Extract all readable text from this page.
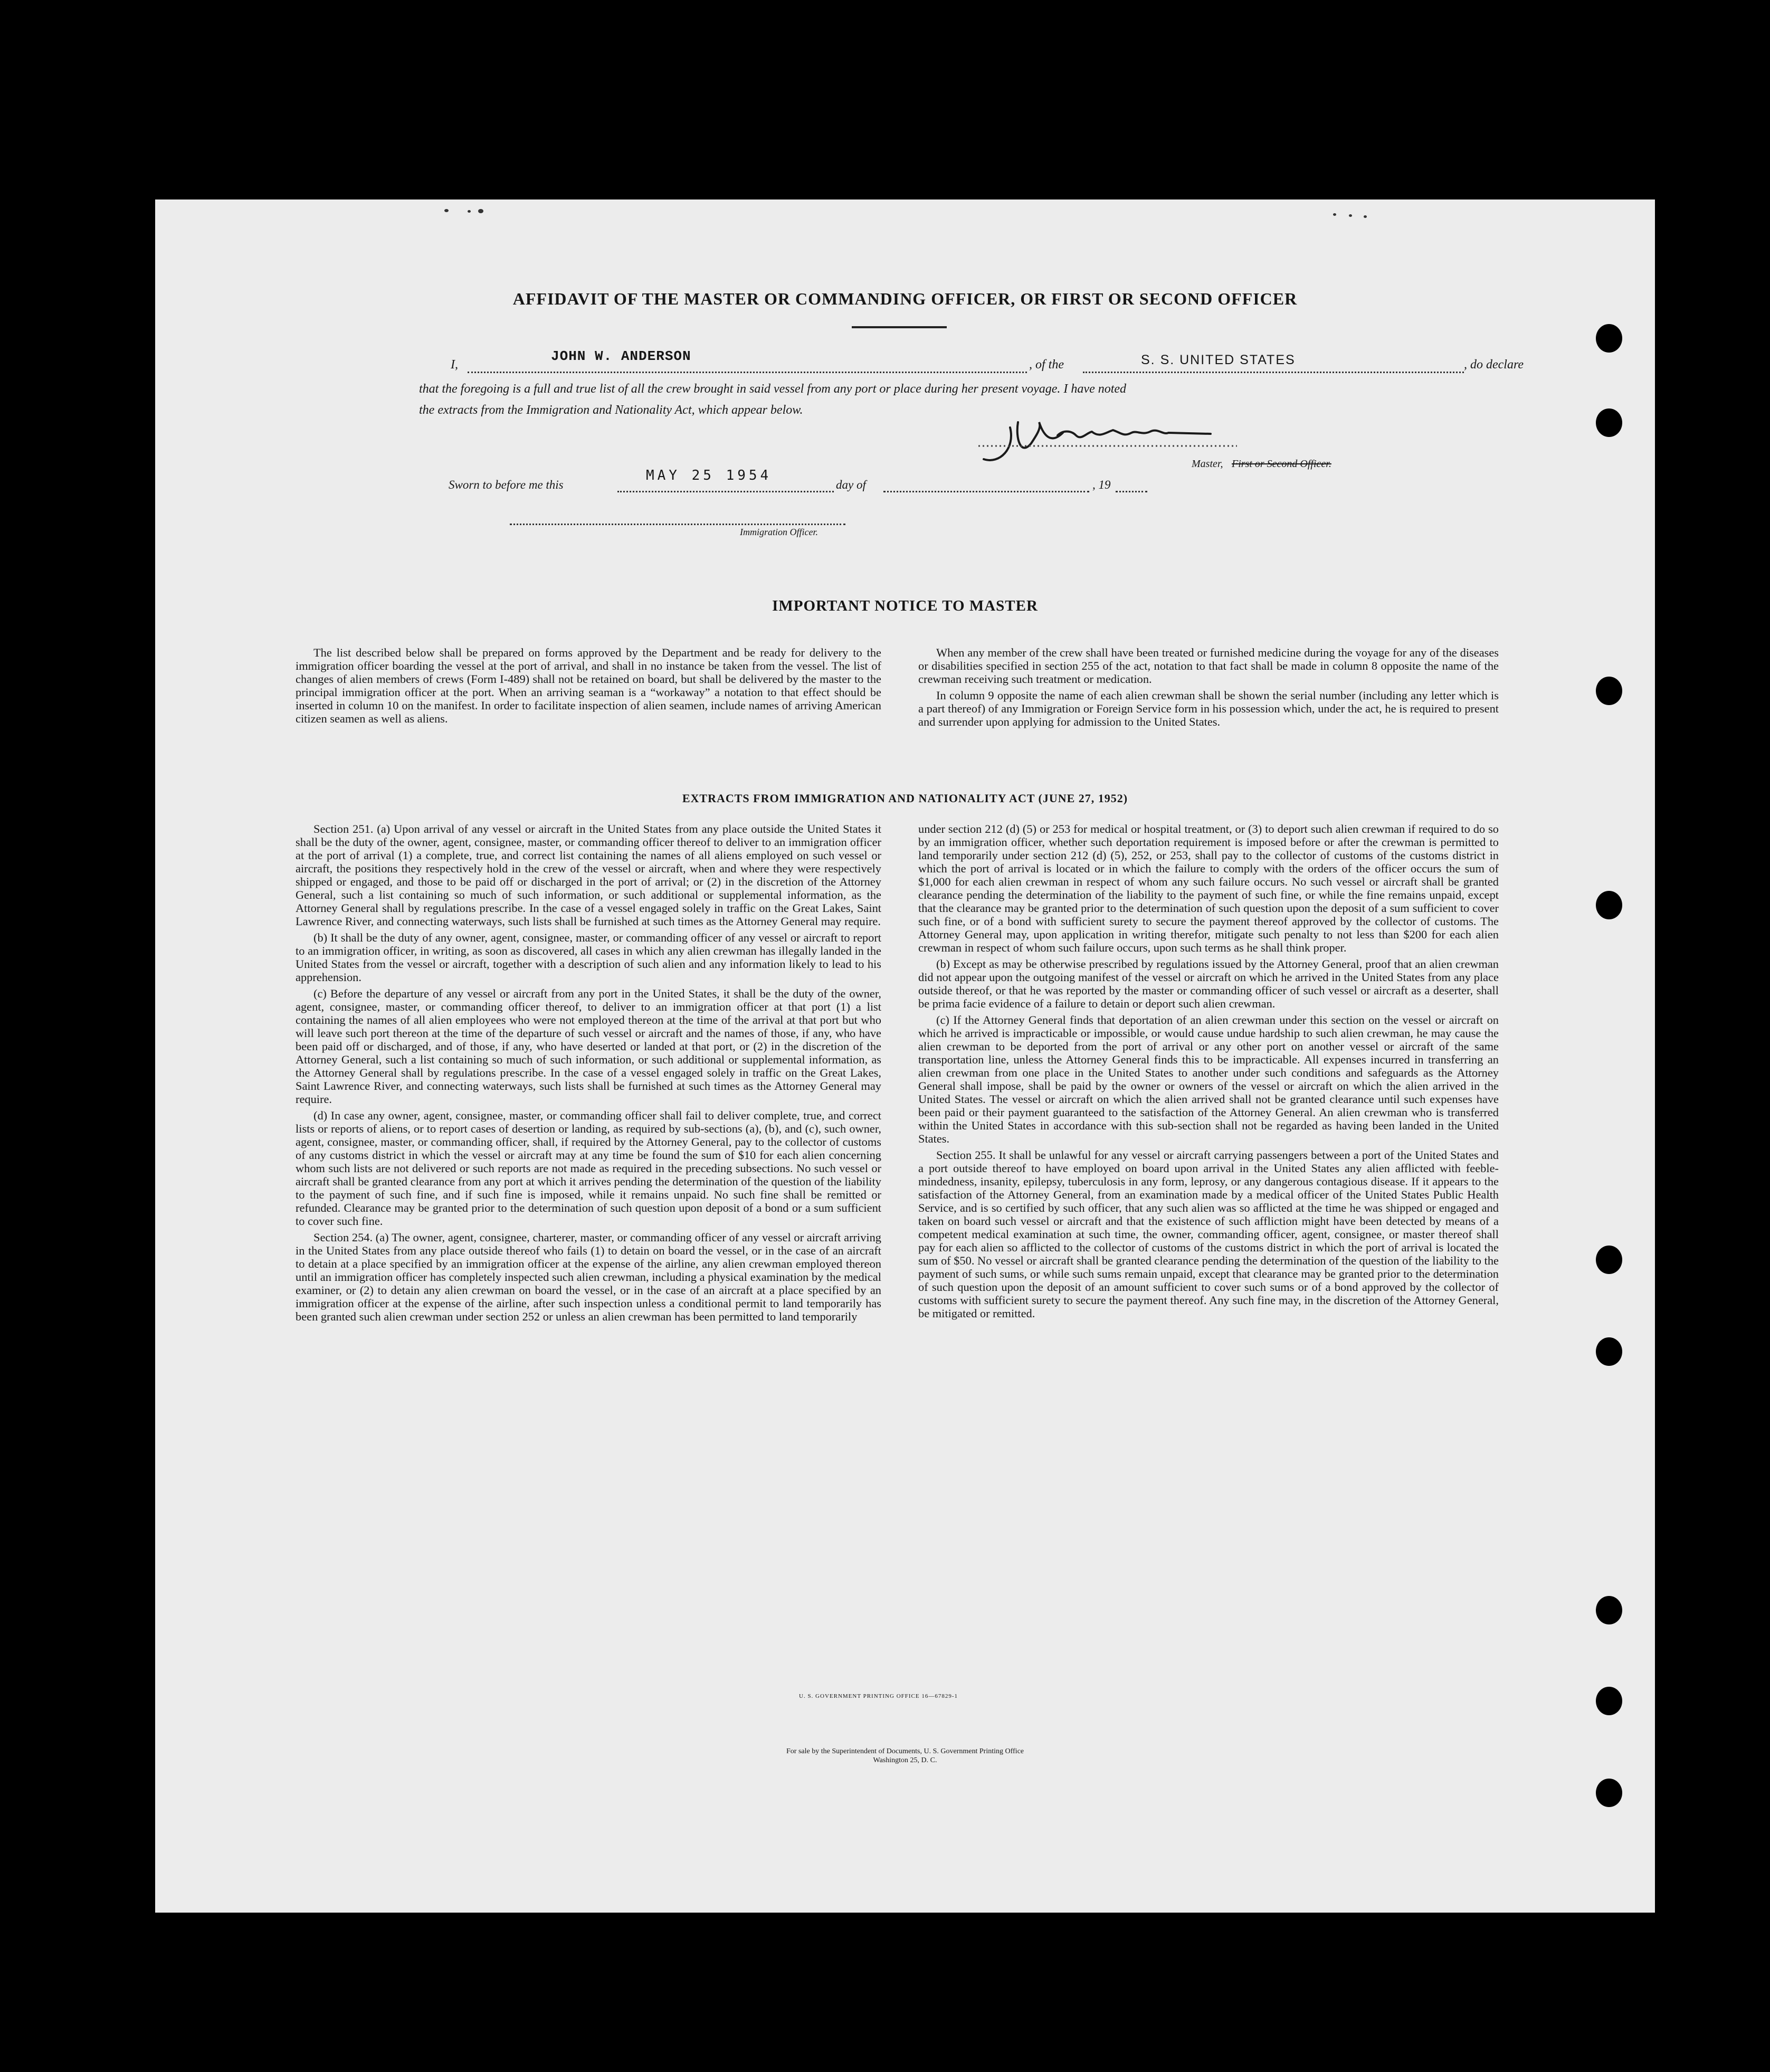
AFFIDAVIT OF THE MASTER OR COMMANDING OFFICER, OR FIRST OR SECOND OFFICER
I,
JOHN W. ANDERSON
, of the	S. S. UNITED STATES	, do declare
that the foregoing is a full and true list of all the crew brought in said vessel from any port or place during her present voyage. I have noted
the extracts from the Immigration and Nationality Act, which appear below.
Master, First or Second Officer.
Sworn to before me this
MAY 25 1954
day of	, 19
Immigration Officer.
IMPORTANT NOTICE TO MASTER

The list described below shall be prepared on forms approved by the Department and be ready for delivery to the immigration officer boarding the vessel at the port of arrival, and shall in no instance be taken from the vessel. The list of changes of alien members of crews (Form I-489) shall not be retained on board, but shall be delivered by the master to the principal immigration officer at the port. When an arriving seaman is a “workaway” a notation to that effect should be inserted in column 10 on the manifest. In order to facilitate inspection of alien seamen, include names of arriving American citizen seamen as well as aliens.

When any member of the crew shall have been treated or furnished medicine during the voyage for any of the diseases or disabilities specified in section 255 of the act, notation to that fact shall be made in column 8 opposite the name of the crewman receiving such treatment or medication.

In column 9 opposite the name of each alien crewman shall be shown the serial number (including any letter which is a part thereof) of any Immigration or Foreign Service form in his possession which, under the act, he is required to present and surrender upon applying for admission to the United States.

EXTRACTS FROM IMMIGRATION AND NATIONALITY ACT (JUNE 27, 1952)

Section 251. (a) Upon arrival of any vessel or aircraft in the United States from any place outside the United States it shall be the duty of the owner, agent, consignee, master, or commanding officer thereof to deliver to an immigration officer at the port of arrival (1) a complete, true, and correct list containing the names of all aliens employed on such vessel or aircraft, the positions they respectively hold in the crew of the vessel or aircraft, when and where they were respectively shipped or engaged, and those to be paid off or discharged in the port of arrival; or (2) in the discretion of the Attorney General, such a list containing so much of such information, or such additional or supplemental information, as the Attorney General shall by regulations prescribe. In the case of a vessel engaged solely in traffic on the Great Lakes, Saint Lawrence River, and connecting waterways, such lists shall be furnished at such times as the Attorney General may require.

(b) It shall be the duty of any owner, agent, consignee, master, or commanding officer of any vessel or aircraft to report to an immigration officer, in writing, as soon as discovered, all cases in which any alien crewman has illegally landed in the United States from the vessel or aircraft, together with a description of such alien and any information likely to lead to his apprehension.

(c) Before the departure of any vessel or aircraft from any port in the United States, it shall be the duty of the owner, agent, consignee, master, or commanding officer thereof, to deliver to an immigration officer at that port (1) a list containing the names of all alien employees who were not employed thereon at the time of the arrival at that port but who will leave such port thereon at the time of the departure of such vessel or aircraft and the names of those, if any, who have been paid off or discharged, and of those, if any, who have deserted or landed at that port, or (2) in the discretion of the Attorney General, such a list containing so much of such information, or such additional or supplemental information, as the Attorney General shall by regulations prescribe. In the case of a vessel engaged solely in traffic on the Great Lakes, Saint Lawrence River, and connecting waterways, such lists shall be furnished at such times as the Attorney General may require.

(d) In case any owner, agent, consignee, master, or commanding officer shall fail to deliver complete, true, and correct lists or reports of aliens, or to report cases of desertion or landing, as required by sub-sections (a), (b), and (c), such owner, agent, consignee, master, or commanding officer, shall, if required by the Attorney General, pay to the collector of customs of any customs district in which the vessel or aircraft may at any time be found the sum of $10 for each alien concerning whom such lists are not delivered or such reports are not made as required in the preceding subsections. No such vessel or aircraft shall be granted clearance from any port at which it arrives pending the determination of the question of the liability to the payment of such fine, and if such fine is imposed, while it remains unpaid. No such fine shall be remitted or refunded. Clearance may be granted prior to the determination of such question upon deposit of a bond or a sum sufficient to cover such fine.

Section 254. (a) The owner, agent, consignee, charterer, master, or commanding officer of any vessel or aircraft arriving in the United States from any place outside thereof who fails (1) to detain on board the vessel, or in the case of an aircraft to detain at a place specified by an immigration officer at the expense of the airline, any alien crewman employed thereon until an immigration officer has completely inspected such alien crewman, including a physical examination by the medical examiner, or (2) to detain any alien crewman on board the vessel, or in the case of an aircraft at a place specified by an immigration officer at the expense of the airline, after such inspection unless a conditional permit to land temporarily has been granted such alien crewman under section 252 or unless an alien crewman has been permitted to land temporarily

under section 212 (d) (5) or 253 for medical or hospital treatment, or (3) to deport such alien crewman if required to do so by an immigration officer, whether such deportation requirement is imposed before or after the crewman is permitted to land temporarily under section 212 (d) (5), 252, or 253, shall pay to the collector of customs of the customs district in which the port of arrival is located or in which the failure to comply with the orders of the officer occurs the sum of $1,000 for each alien crewman in respect of whom any such failure occurs. No such vessel or aircraft shall be granted clearance pending the determination of the liability to the payment of such fine, or while the fine remains unpaid, except that the clearance may be granted prior to the determination of such question upon the deposit of a sum sufficient to cover such fine, or of a bond with sufficient surety to secure the payment thereof approved by the collector of customs. The Attorney General may, upon application in writing therefor, mitigate such penalty to not less than $200 for each alien crewman in respect of whom such failure occurs, upon such terms as he shall think proper.

(b) Except as may be otherwise prescribed by regulations issued by the Attorney General, proof that an alien crewman did not appear upon the outgoing manifest of the vessel or aircraft on which he arrived in the United States from any place outside thereof, or that he was reported by the master or commanding officer of such vessel or aircraft as a deserter, shall be prima facie evidence of a failure to detain or deport such alien crewman.

(c) If the Attorney General finds that deportation of an alien crewman under this section on the vessel or aircraft on which he arrived is impracticable or impossible, or would cause undue hardship to such alien crewman, he may cause the alien crewman to be deported from the port of arrival or any other port on another vessel or aircraft of the same transportation line, unless the Attorney General finds this to be impracticable. All expenses incurred in transferring an alien crewman from one place in the United States to another under such conditions and safeguards as the Attorney General shall impose, shall be paid by the owner or owners of the vessel or aircraft on which the alien arrived in the United States. The vessel or aircraft on which the alien arrived shall not be granted clearance until such expenses have been paid or their payment guaranteed to the satisfaction of the Attorney General. An alien crewman who is transferred within the United States in accordance with this sub-section shall not be regarded as having been landed in the United States.

Section 255. It shall be unlawful for any vessel or aircraft carrying passengers between a port of the United States and a port outside thereof to have employed on board upon arrival in the United States any alien afflicted with feeble-mindedness, insanity, epilepsy, tuberculosis in any form, leprosy, or any dangerous contagious disease. If it appears to the satisfaction of the Attorney General, from an examination made by a medical officer of the United States Public Health Service, and is so certified by such officer, that any such alien was so afflicted at the time he was shipped or engaged and taken on board such vessel or aircraft and that the existence of such affliction might have been detected by means of a competent medical examination at such time, the owner, commanding officer, agent, consignee, or master thereof shall pay for each alien so afflicted to the collector of customs of the customs district in which the port of arrival is located the sum of $50. No vessel or aircraft shall be granted clearance pending the determination of the question of the liability to the payment of such sums, or while such sums remain unpaid, except that clearance may be granted prior to the determination of such question upon the deposit of an amount sufficient to cover such sums or of a bond approved by the collector of customs with sufficient surety to secure the payment thereof. Any such fine may, in the discretion of the Attorney General, be mitigated or remitted.

U. S. GOVERNMENT PRINTING OFFICE 16—67829-1
For sale by the Superintendent of Documents, U. S. Government Printing Office
Washington 25, D. C.
